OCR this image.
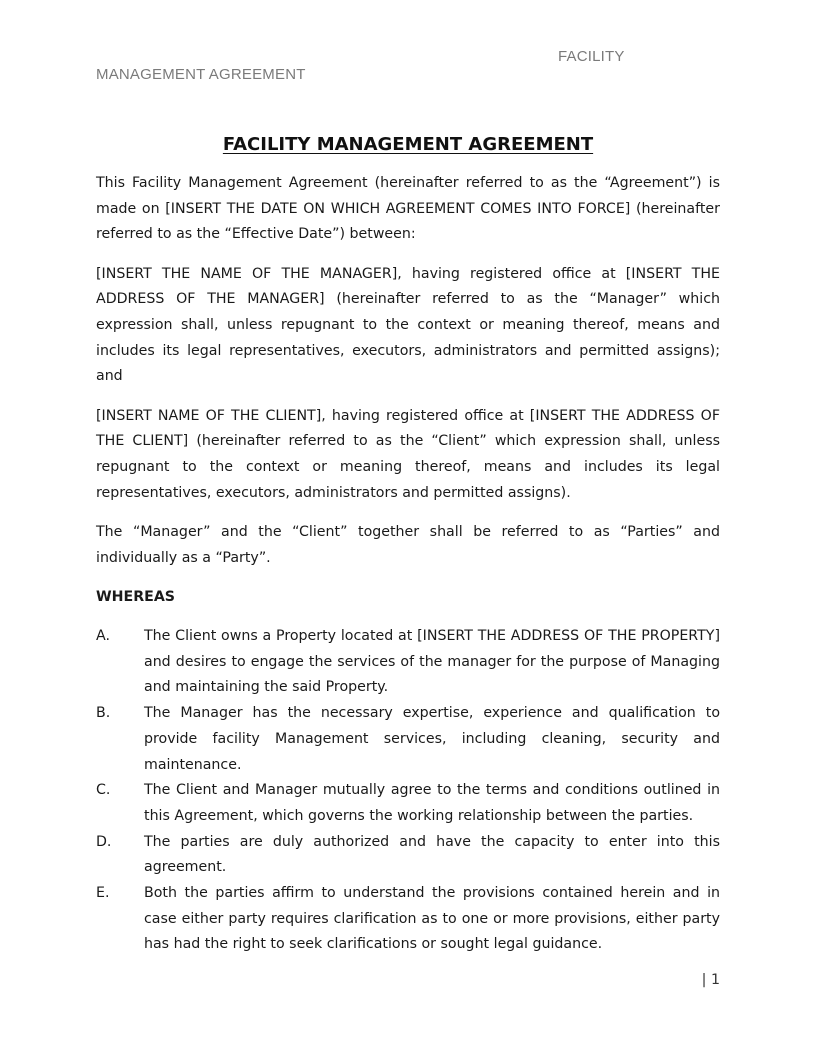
FACILITY
MANAGEMENT AGREEMENT
FACILITY MANAGEMENT AGREEMENT

This Facility Management Agreement (hereinafter referred to as the “Agreement”) is made on [INSERT THE DATE ON WHICH AGREEMENT COMES INTO FORCE] (hereinafter referred to as the “Effective Date”) between:

[INSERT THE NAME OF THE MANAGER], having registered office at [INSERT THE ADDRESS OF THE MANAGER] (hereinafter referred to as the “Manager” which expression shall, unless repugnant to the context or meaning thereof, means and includes its legal representatives, executors, administrators and permitted assigns); and

[INSERT NAME OF THE CLIENT], having registered office at [INSERT THE ADDRESS OF THE CLIENT] (hereinafter referred to as the “Client” which expression shall, unless repugnant to the context or meaning thereof, means and includes its legal representatives, executors, administrators and permitted assigns).

The “Manager” and the “Client” together shall be referred to as “Parties” and individually as a “Party”.

WHEREAS
A.	The Client owns a Property located at [INSERT THE ADDRESS OF THE PROPERTY] and desires to engage the services of the manager for the purpose of Managing and maintaining the said Property.
B.	The Manager has the necessary expertise, experience and qualification to provide facility Management services, including cleaning, security and maintenance.
C.	The Client and Manager mutually agree to the terms and conditions outlined in this Agreement, which governs the working relationship between the parties.
D.	The parties are duly authorized and have the capacity to enter into this agreement.
E.	Both the parties affirm to understand the provisions contained herein and in case either party requires clarification as to one or more provisions, either party has had the right to seek clarifications or sought legal guidance.
| 1
